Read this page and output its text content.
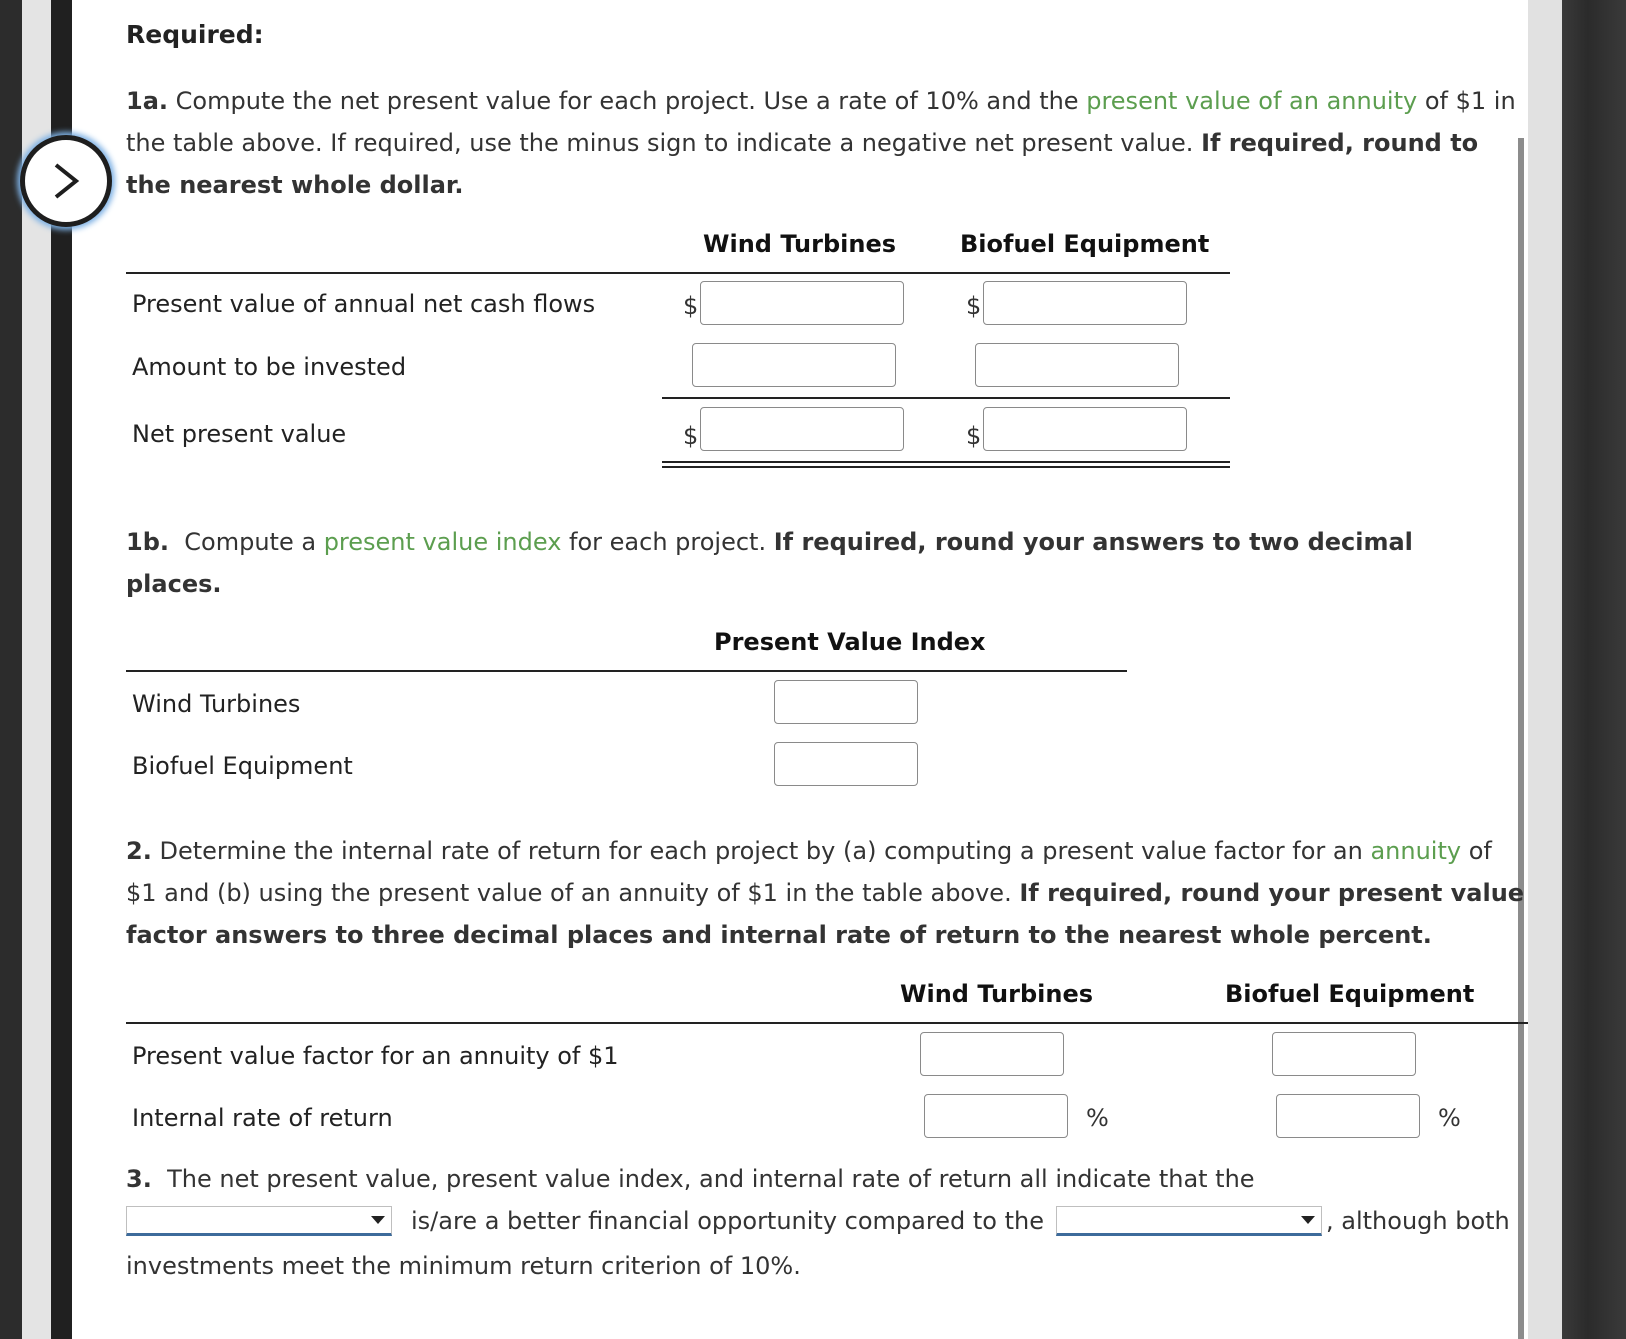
Required:

1a. Compute the net present value for each project. Use a rate of 10% and the present value of an annuity of $1 in the table above. If required, use the minus sign to indicate a negative net present value. If required, round to the nearest whole dollar.

Wind Turbines	Biofuel Equipment
Present value of annual net cash flows	$	$
Amount to be invested
Net present value	$	$

1b. Compute a present value index for each project. If required, round your answers to two decimal places.

Present Value Index
Wind Turbines
Biofuel Equipment

2. Determine the internal rate of return for each project by (a) computing a present value factor for an annuity of $1 and (b) using the present value of an annuity of $1 in the table above. If required, round your present value factor answers to three decimal places and internal rate of return to the nearest whole percent.

Wind Turbines	Biofuel Equipment
Present value factor for an annuity of $1
Internal rate of return	%	%
3. The net present value, present value index, and internal rate of return all indicate that the
is/are a better financial opportunity compared to the	, although both
investments meet the minimum return criterion of 10%.
